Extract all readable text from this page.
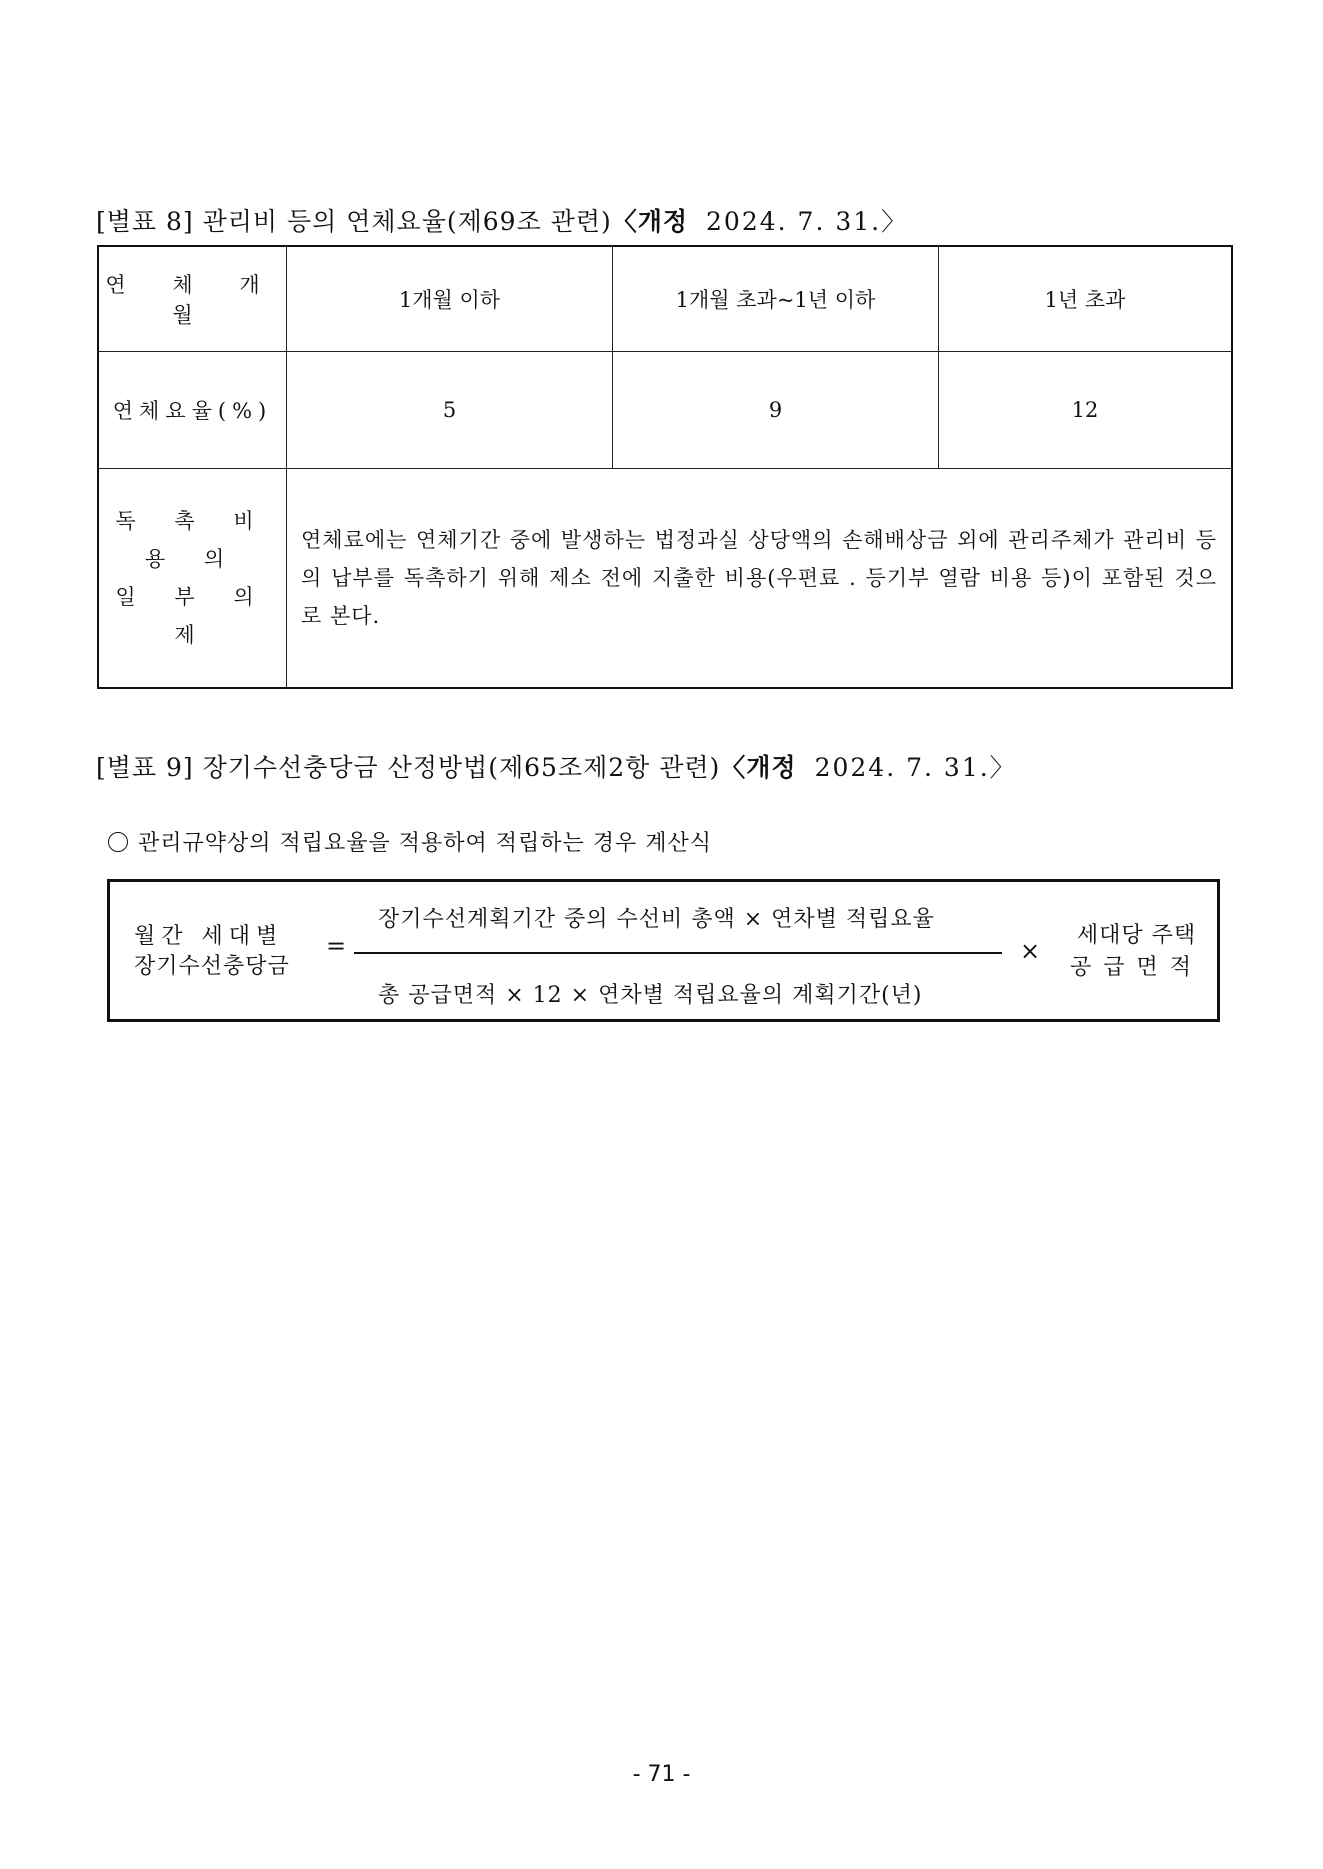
[별표 8] 관리비 등의 연체요율(제69조 관련)〈개정 2024. 7. 31.〉
연 체 개 월	1개월 이하	1개월 초과~1년 이하	1년 초과
연체요율(%)	5	9	12

독 촉 비 용 의
일 부 의 제	연체료에는 연체기간 중에 발생하는 법정과실 상당액의 손해배상금 외에 관리주체가 관리비 등의 납부를 독촉하기 위해 제소 전에 지출한 비용(우편료 . 등기부 열람 비용 등)이 포함된 것으로 본다.		
[별표 9] 장기수선충당금 산정방법(제65조제2항 관련)〈개정 2024. 7. 31.〉
관리규약상의 적립요율을 적용하여 적립하는 경우 계산식
월간 세대별
장기수선충당금
=
장기수선계획기간 중의 수선비 총액 × 연차별 적립요율
총 공급면적 × 12 × 연차별 적립요율의 계획기간(년)
×
세대당 주택
공급면적
- 71 -
